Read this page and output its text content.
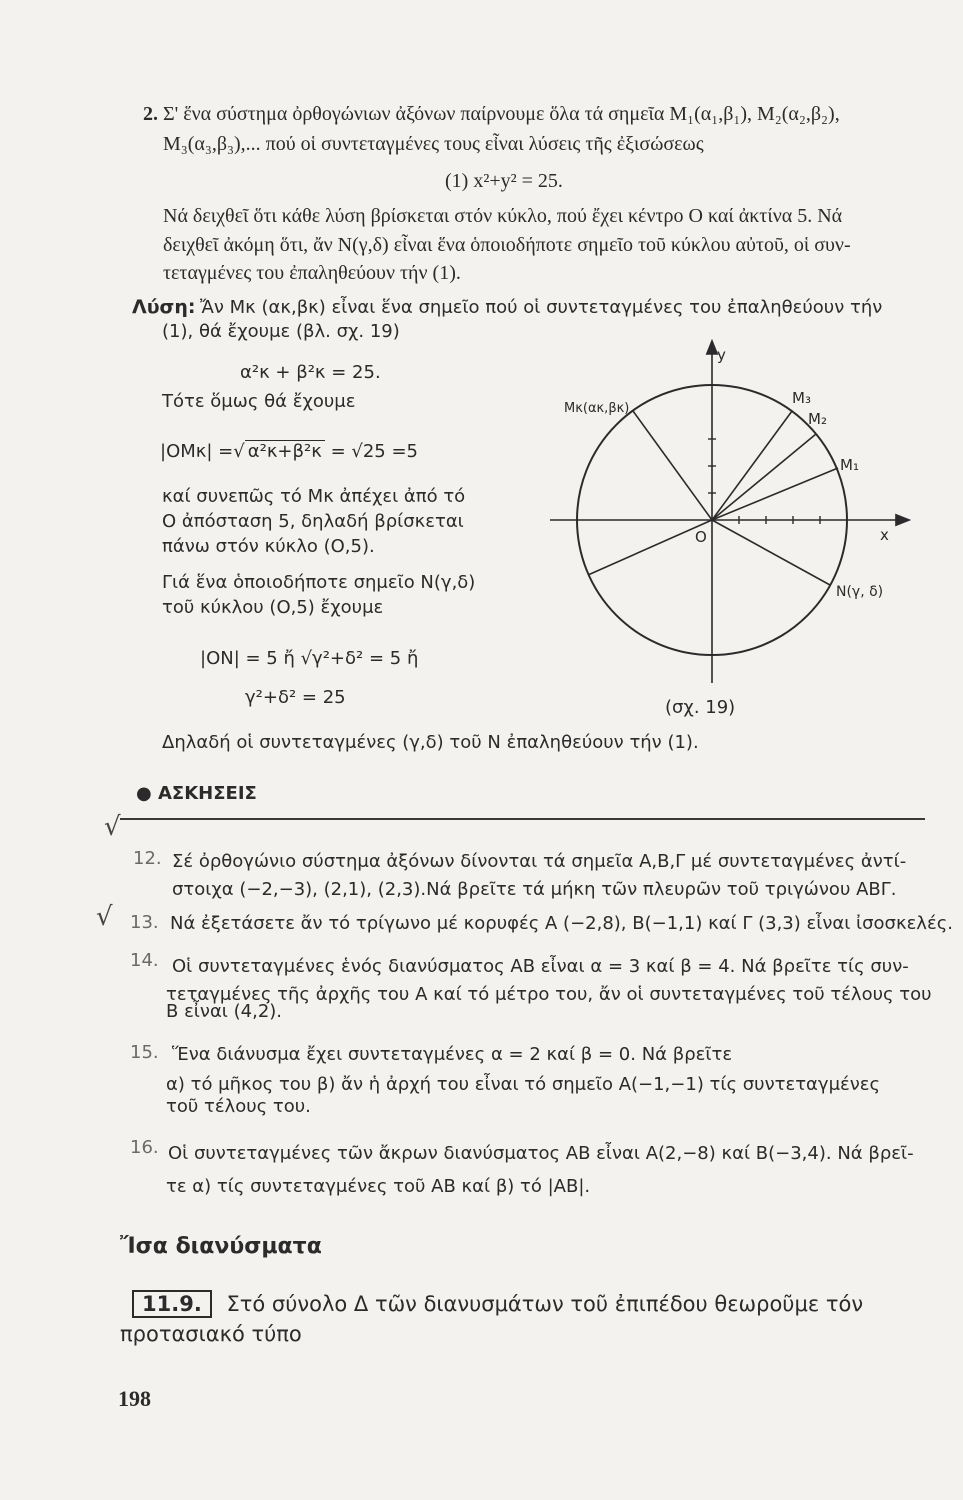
2. Σ' ἕνα σύστημα ὀρθογώνιων ἀξόνων παίρνουμε ὅλα τά σημεῖα M₁(α₁,β₁), M₂(α₂,β₂),
M₃(α₃,β₃),... πού οἱ συντεταγμένες τους εἶναι λύσεις τῆς ἐξισώσεως
(1) x²+y² = 25.
Νά δειχθεῖ ὅτι κάθε λύση βρίσκεται στόν κύκλο, πού ἔχει κέντρο O καί ἀκτίνα 5. Νά
δειχθεῖ ἀκόμη ὅτι, ἄν N(γ,δ) εἶναι ἕνα ὁποιοδήποτε σημεῖο τοῦ κύκλου αὐτοῦ, οἱ συν-
τεταγμένες του ἐπαληθεύουν τήν (1).
Λύση: Ἄν Mκ (ακ,βκ) εἶναι ἕνα σημεῖο πού οἱ συντεταγμένες του ἐπαληθεύουν τήν
(1), θά ἔχουμε (βλ. σχ. 19)
α²κ + β²κ = 25.
Τότε ὅμως θά ἔχουμε
|OMκ| =√ α²κ+β²κ = √25 =5
καί συνεπῶς τό Mκ ἀπέχει ἀπό τό
O ἀπόσταση 5, δηλαδή βρίσκεται
πάνω στόν κύκλο (O,5).
Γιά ἕνα ὁποιοδήποτε σημεῖο N(γ,δ)
τοῦ κύκλου (O,5) ἔχουμε
|ON| = 5 ἤ √γ²+δ² = 5 ἤ
γ²+δ² = 25
Δηλαδή οἱ συντεταγμένες (γ,δ) τοῦ N ἐπαληθεύουν τήν (1).
y
x
O
M₃
M₂
M₁
Mκ(ακ,βκ)
N(γ, δ)
(σχ. 19)
● ΑΣΚΗΣΕΙΣ
√
12. Σέ ὀρθογώνιο σύστημα ἀξόνων δίνονται τά σημεῖα A,B,Γ μέ συντεταγμένες ἀντί-
στοιχα (−2,−3), (2,1), (2,3).Νά βρεῖτε τά μήκη τῶν πλευρῶν τοῦ τριγώνου ΑΒΓ.
√ 13. Νά ἐξετάσετε ἄν τό τρίγωνο μέ κορυφές A (−2,8), B(−1,1) καί Γ (3,3) εἶναι ἰσοσκελές.
14. Οἱ συντεταγμένες ἑνός διανύσματος AB εἶναι α = 3 καί β = 4. Νά βρεῖτε τίς συν-
τεταγμένες τῆς ἀρχῆς του A καί τό μέτρο του, ἄν οἱ συντεταγμένες τοῦ τέλους του
B εἶναι (4,2).
15. Ἕνα διάνυσμα ἔχει συντεταγμένες α = 2 καί β = 0. Νά βρεῖτε
α) τό μῆκος του β) ἄν ἡ ἀρχή του εἶναι τό σημεῖο A(−1,−1) τίς συντεταγμένες
τοῦ τέλους του.
16. Οἱ συντεταγμένες τῶν ἄκρων διανύσματος AB εἶναι A(2,−8) καί B(−3,4). Νά βρεῖ-
τε α) τίς συντεταγμένες τοῦ AB καί β) τό |AB|.
Ἴσα διανύσματα
11.9. Στό σύνολο Δ τῶν διανυσμάτων τοῦ ἐπιπέδου θεωροῦμε τόν
προτασιακό τύπο
198
